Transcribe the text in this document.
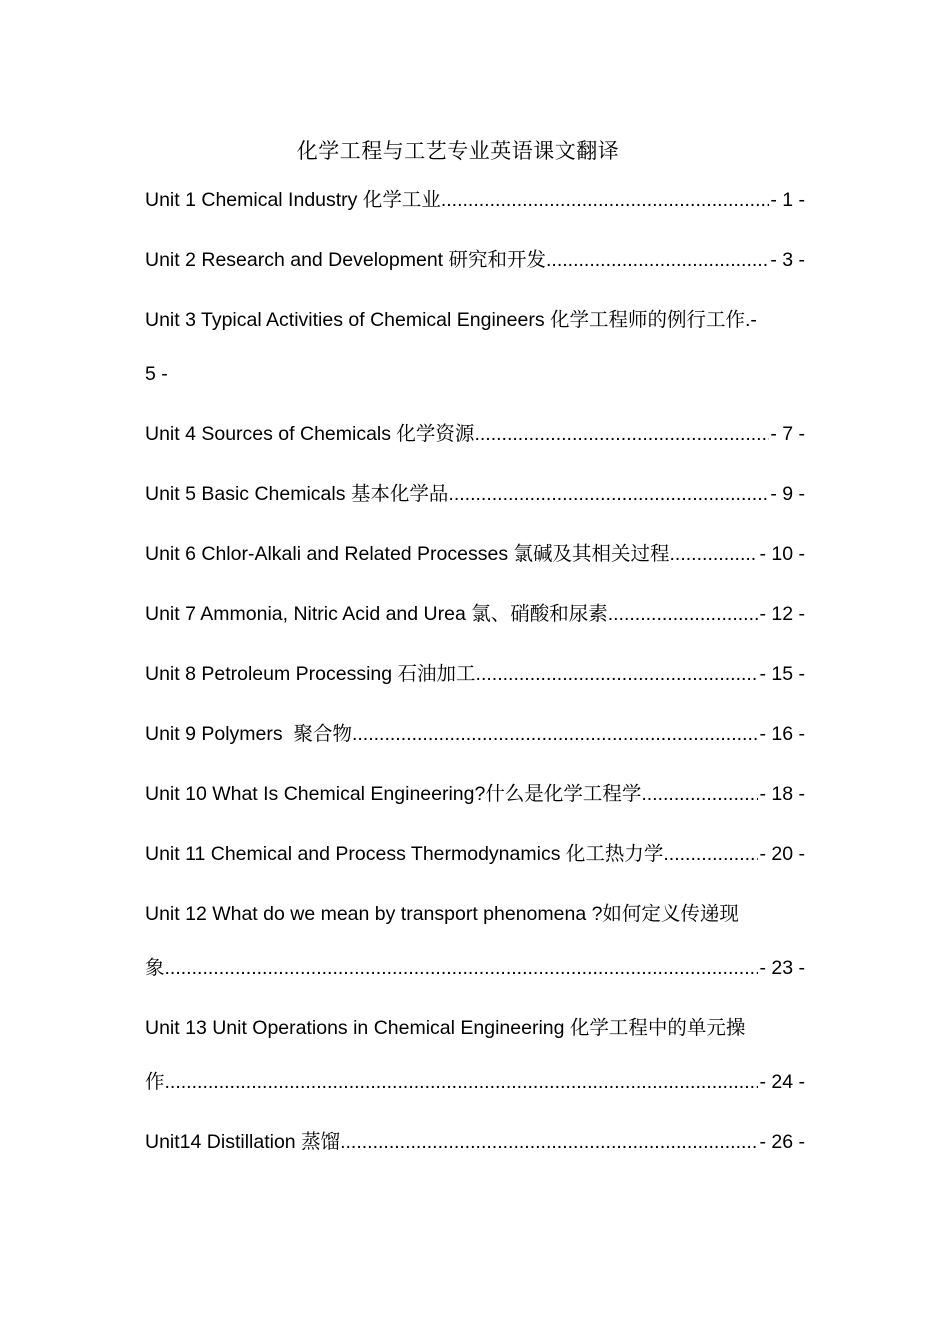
化学工程与工艺专业英语课文翻译
Unit 1 Chemical Industry 化学工业 .....	- 1 -
Unit 2 Research and Development 研究和开发 .....	- 3 -
Unit 3 Typical Activities of Chemical Engineers 化学工程师的例行工作.-
5 -
Unit 4 Sources of Chemicals 化学资源 .....	- 7 -
Unit 5 Basic Chemicals 基本化学品 .....	- 9 -
Unit 6 Chlor-Alkali and Related Processes 氯碱及其相关过程 .....	- 10 -
Unit 7 Ammonia, Nitric Acid and Urea 氯、硝酸和尿素 .....	- 12 -
Unit 8 Petroleum Processing 石油加工 .....	- 15 -
Unit 9 Polymers  聚合物 .....	- 16 -
Unit 10 What Is Chemical Engineering?什么是化学工程学 .....	- 18 -
Unit 11 Chemical and Process Thermodynamics 化工热力学 .....	- 20 -
Unit 12 What do we mean by transport phenomena ?如何定义传递现
象 .....	- 23 -
Unit 13 Unit Operations in Chemical Engineering 化学工程中的单元操
作 .....	- 24 -
Unit14 Distillation 蒸馏 .....	- 26 -
